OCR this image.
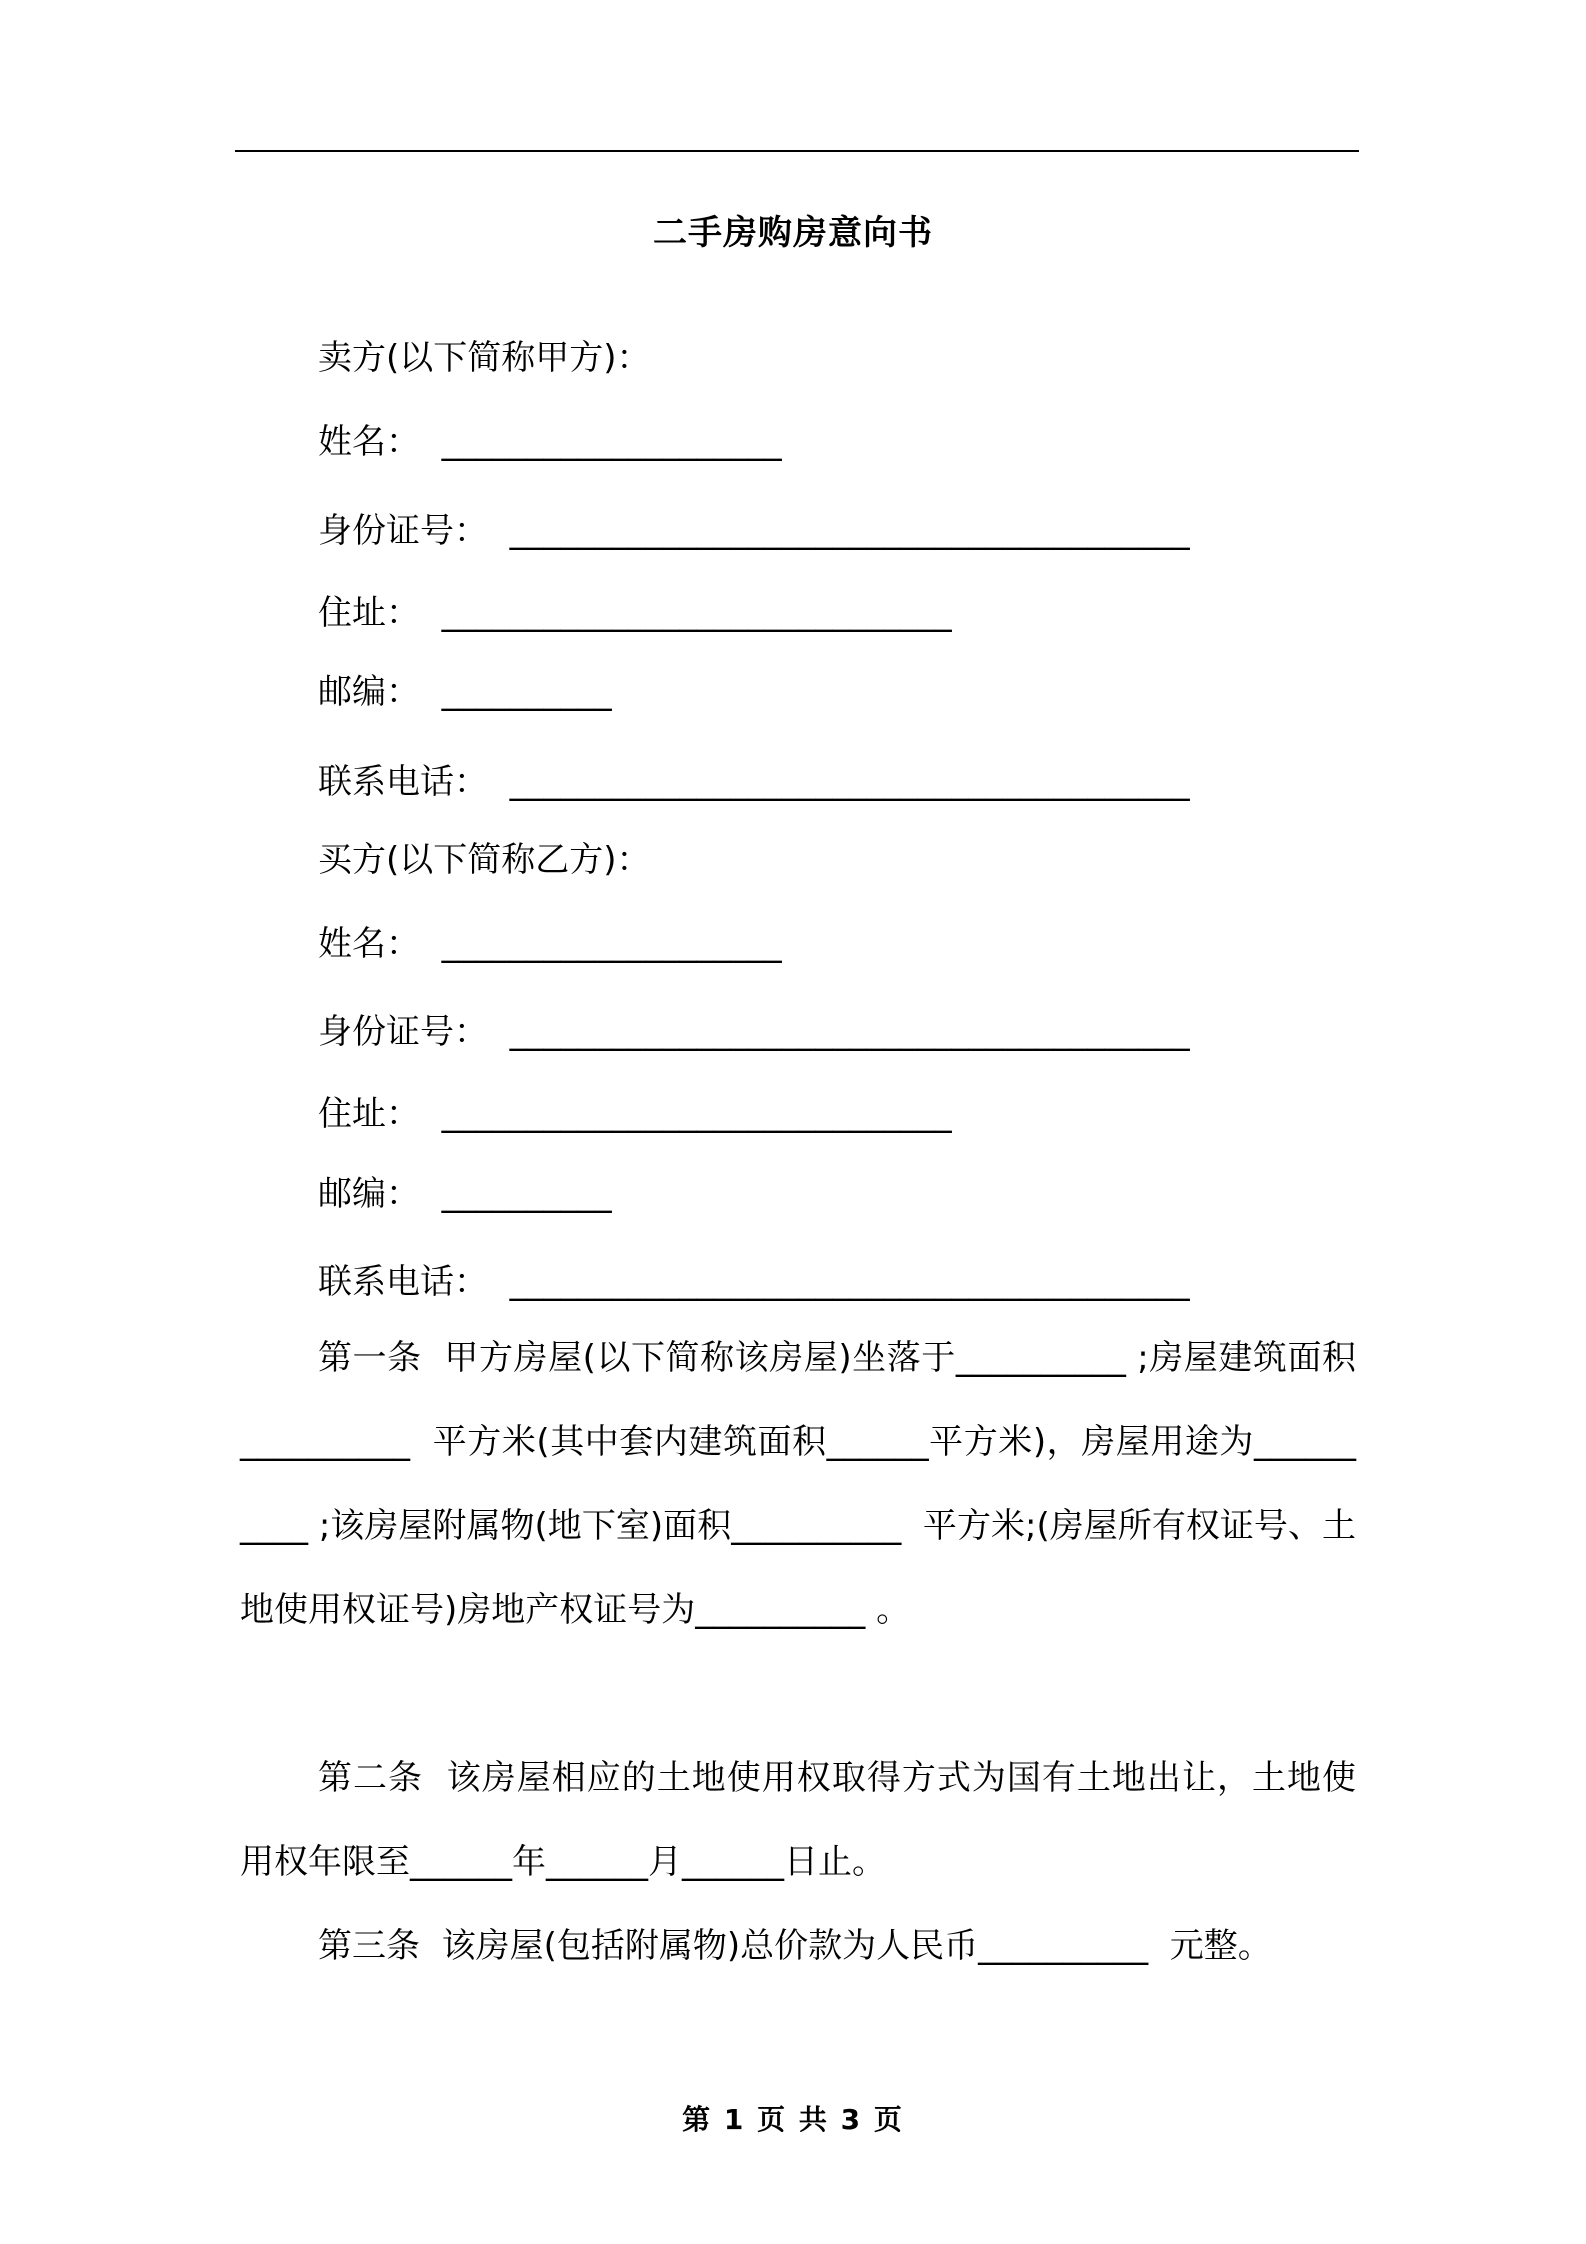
二手房购房意向书
卖方(以下简称甲方)：
姓名：  ____________________
身份证号：  ________________________________________
住址：  ______________________________
邮编：  __________
联系电话：  ________________________________________
买方(以下简称乙方)：
姓名：  ____________________
身份证号：  ________________________________________
住址：  ______________________________
邮编：  __________
联系电话：  ________________________________________

第一条  甲方房屋(以下简称该房屋)坐落于__________ ;房屋建筑面积__________  平方米(其中套内建筑面积______平方米)，房屋用途为__________ ;该房屋附属物(地下室)面积__________  平方米;(房屋所有权证号、土地使用权证号)房地产权证号为__________ 。

第二条  该房屋相应的土地使用权取得方式为国有土地出让，土地使用权年限至______年______月______日止。

第三条  该房屋(包括附属物)总价款为人民币__________  元整。

第 1 页 共 3 页
